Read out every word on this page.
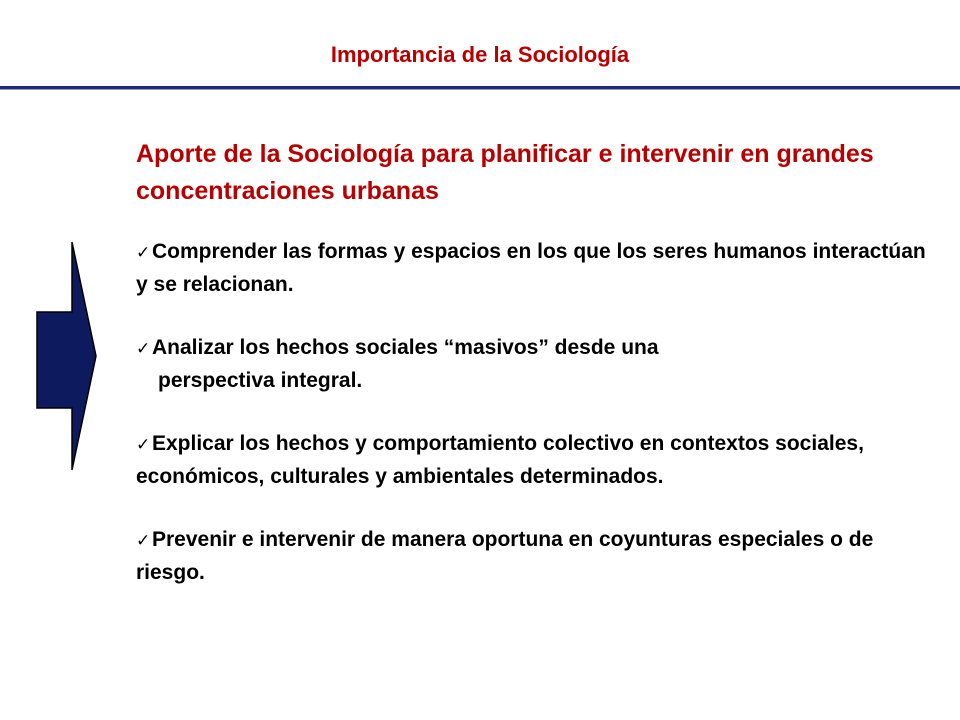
Importancia de la Sociología
Aporte de la Sociología para planificar e intervenir en grandes concentraciones urbanas
✓Comprender las formas y espacios en los que los seres humanos interactúan y se relacionan.
✓Analizar los hechos sociales “masivos” desde una
perspectiva integral.
✓Explicar los hechos y comportamiento colectivo en contextos sociales, económicos, culturales y ambientales determinados.
✓Prevenir e intervenir de manera oportuna en coyunturas especiales o de riesgo.
